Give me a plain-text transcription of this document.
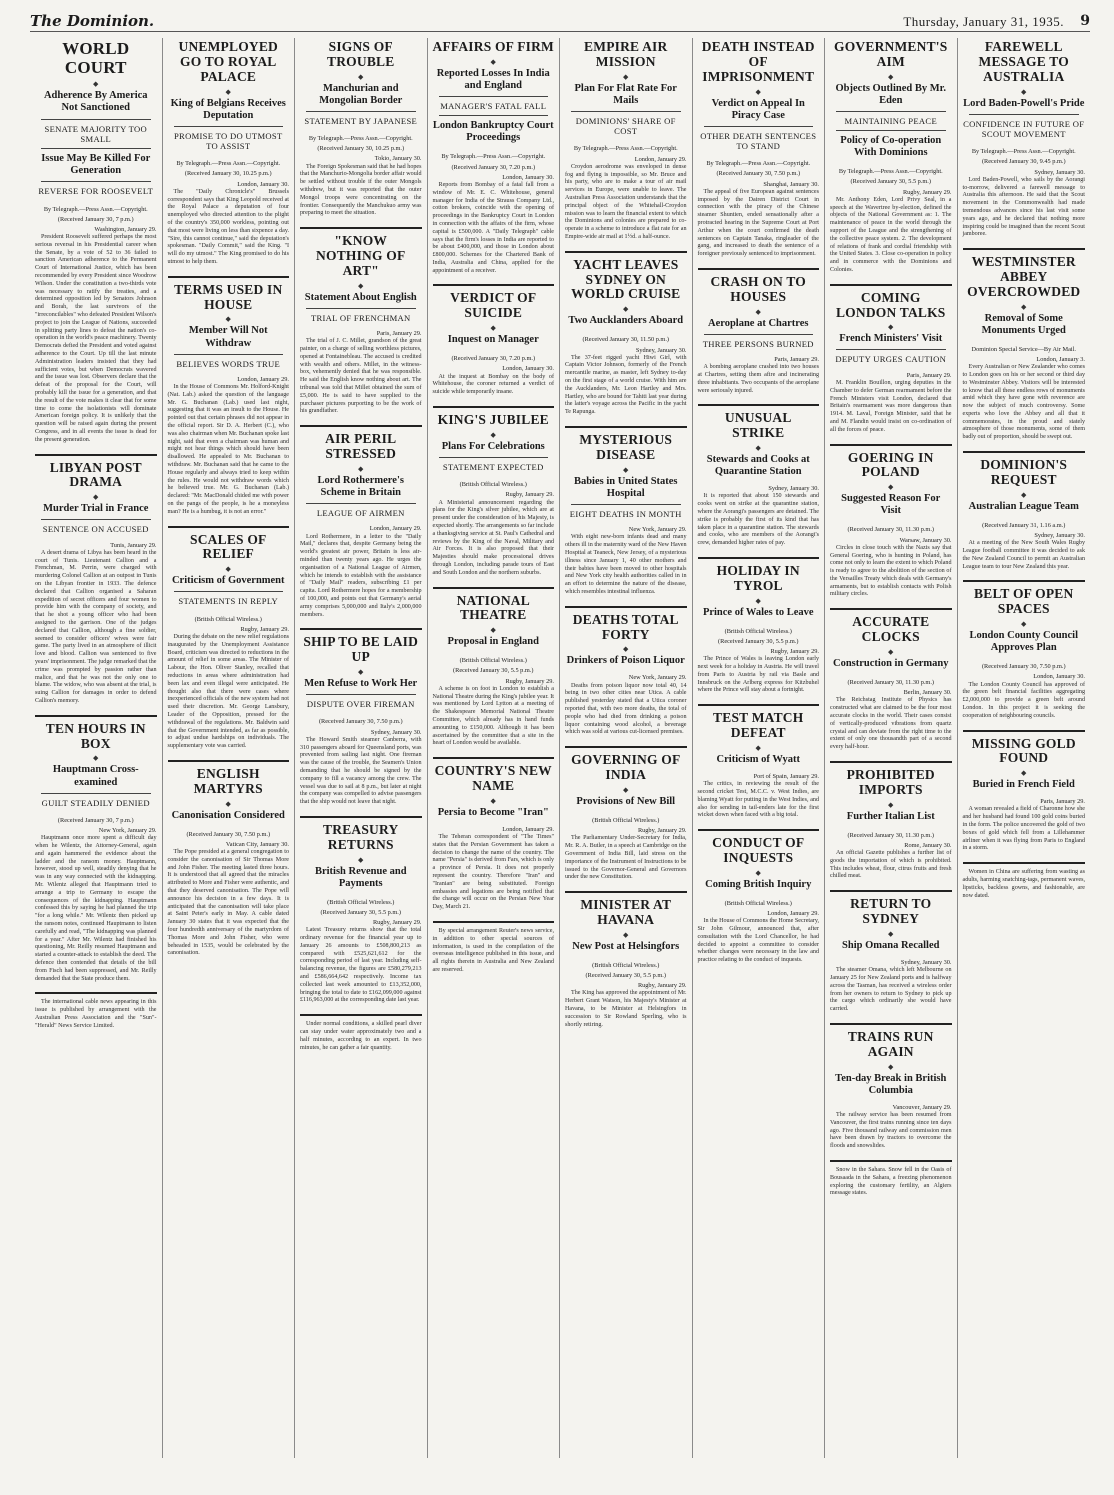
The Dominion.	Thursday, January 31, 1935. 9
WORLD COURT
◆
Adherence By America Not Sanctioned
SENATE MAJORITY TOO SMALL
Issue May Be Killed For Generation
REVERSE FOR ROOSEVELT
By Telegraph.—Press Assn.—Copyright.
(Received January 30, 7 p.m.)
Washington, January 29.

President Roosevelt suffered perhaps the most serious reversal in his Presidential career when the Senate, by a vote of 52 to 36 failed to sanction American adherence to the Permanent Court of International Justice, which has been recommended by every President since Woodrow Wilson. Under the constitution a two-thirds vote was necessary to ratify the treaties, and a determined opposition led by Senators Johnson and Borah, the last survivors of the "irreconcilables" who defeated President Wilson's project to join the League of Nations, succeeded in splitting party lines to defeat the nation's co-operation in the world's peace machinery. Twenty Democrats defied the President and voted against adherence to the Court. Up till the last minute Administration leaders insisted that they had sufficient votes, but when Democrats wavered and the issue was lost. Observers declare that the defeat of the proposal for the Court, will probably kill the issue for a generation, and that the result of the vote makes it clear that for some time to come the isolationists will dominate American foreign policy. It is unlikely that the question will be raised again during the present Congress, and in all events the issue is dead for the present generation.

LIBYAN POST DRAMA
◆
Murder Trial in France
SENTENCE ON ACCUSED
Tunis, January 29.

A desert drama of Libya has been heard in the court of Tunis. Lieutenant Callion and a Frenchman, M. Perrin, were charged with murdering Colonel Callion at an outpost in Tunis on the Libyan frontier in 1933. The defence declared that Callion organised a Saharan expedition of secret officers and four women to provide him with the company of society, and that he shot a young officer who had been assigned to the garrison. One of the judges declared that Callion, although a fine soldier, seemed to consider officers' wives were fair game. The party lived in an atmosphere of illicit love and blood. Callion was sentenced to five years' imprisonment. The judge remarked that the crime was prompted by passion rather than malice, and that he was not the only one to blame. The widow, who was absent at the trial, is suing Callion for damages in order to defend Callion's memory.

TEN HOURS IN BOX
◆
Hauptmann Cross-examined
GUILT STEADILY DENIED
(Received January 30, 7 p.m.)
New York, January 29.

Hauptmann once more spent a difficult day when he Wilentz, the Attorney-General, again and again hammered the evidence about the ladder and the ransom money. Hauptmann, however, stood up well, steadily denying that he was in any way connected with the kidnapping. Mr. Wilentz alleged that Hauptmann tried to arrange a trip to Germany to escape the consequences of the kidnapping. Hauptmann confessed this by saying he had planned the trip "for a long while." Mr. Wilentz then picked up the ransom notes, continued Hauptmann to listen carefully and read, "The kidnapping was planned for a year." After Mr. Wilentz had finished his questioning, Mr. Reilly resumed Hauptmann and started a counter-attack to establish the deed. The defence then contended that details of the bill from Fisch had been suppressed, and Mr. Reilly demanded that the State produce them.

The international cable news appearing in this issue is published by arrangement with the Australian Press Association and the "Sun"-"Herald" News Service Limited.

UNEMPLOYED GO TO ROYAL PALACE
◆
King of Belgians Receives Deputation
PROMISE TO DO UTMOST TO ASSIST
By Telegraph.—Press Assn.—Copyright.
(Received January 30, 10.25 p.m.)
London, January 30.

The "Daily Chronicle's" Brussels correspondent says that King Leopold received at the Royal Palace a deputation of four unemployed who directed attention to the plight of the country's 350,000 workless, pointing out that most were living on less than sixpence a day. "Sire, this cannot continue," said the deputation's spokesman. "Daily Commit," said the King. "I will do my utmost." The King promised to do his utmost to help them.

TERMS USED IN HOUSE
◆
Member Will Not Withdraw
BELIEVES WORDS TRUE
London, January 29.

In the House of Commons Mr. Holford-Knight (Nat. Lab.) asked the question of the language Mr. G. Buchanan (Lab.) used last night, suggesting that it was an insult to the House. He pointed out that certain phrases did not appear in the official report. Sir D. A. Herbert (C.), who was also chairman when Mr. Buchanan spoke last night, said that even a chairman was human and might not hear things which should have been disallowed. He appealed to Mr. Buchanan to withdraw. Mr. Buchanan said that he came to the House regularly and always tried to keep within the rules. He would not withdraw words which he believed true. Mr. G. Buchanan (Lab.) declared: "Mr. MacDonald chided me with power on the pangs of the people, is he a moneyless man? He is a humbug, it is not an error."

SCALES OF RELIEF
◆
Criticism of Government
STATEMENTS IN REPLY
(British Official Wireless.)
Rugby, January 29.

During the debate on the new relief regulations inaugurated by the Unemployment Assistance Board, criticism was directed to reductions in the amount of relief in some areas. The Minister of Labour, the Hon. Oliver Stanley, recalled that reductions in areas where administration had been lax and even illegal were anticipated. He thought also that there were cases where inexperienced officials of the new system had not used their discretion. Mr. George Lansbury, Leader of the Opposition, pressed for the withdrawal of the regulations. Mr. Baldwin said that the Government intended, as far as possible, to adjust undue hardships on individuals. The supplementary vote was carried.

ENGLISH MARTYRS
◆
Canonisation Considered
(Received January 30, 7.50 p.m.)
Vatican City, January 30.

The Pope presided at a general congregation to consider the canonisation of Sir Thomas More and John Fisher. The meeting lasted three hours. It is understood that all agreed that the miracles attributed to More and Fisher were authentic, and that they deserved canonisation. The Pope will announce his decision in a few days. It is anticipated that the canonisation will take place at Saint Peter's early in May. A cable dated January 30 states that it was expected that the four hundredth anniversary of the martyrdom of Thomas More and John Fisher, who were beheaded in 1535, would be celebrated by the canonisation.

SIGNS OF TROUBLE
◆
Manchurian and Mongolian Border
STATEMENT BY JAPANESE
By Telegraph.—Press Assn.—Copyright.
(Received January 30, 10.25 p.m.)
Tokio, January 30.

The Foreign Spokesman said that he had hopes that the Manchurio-Mongolia border affair would be settled without trouble if the outer Mongols withdrew, but it was reported that the outer Mongol troops were concentrating on the frontier. Consequently the Manchukuo army was preparing to meet the situation.

"KNOW NOTHING OF ART"
◆
Statement About English
TRIAL OF FRENCHMAN
Paris, January 29.

The trial of J. C. Millet, grandson of the great painter, on a charge of selling worthless pictures, opened at Fontainebleau. The accused is credited with wealth and others. Millet, in the witness-box, vehemently denied that he was responsible. He said the English know nothing about art. The tribunal was told that Millet obtained the sum of £5,000. He is said to have supplied to the purchaser pictures purporting to be the work of his grandfather.

AIR PERIL STRESSED
◆
Lord Rothermere's Scheme in Britain
LEAGUE OF AIRMEN
London, January 29.

Lord Rothermere, in a letter to the "Daily Mail," declares that, despite Germany being the world's greatest air power, Britain is less air-minded than twenty years ago. He urges the organisation of a National League of Airmen, which he intends to establish with the assistance of "Daily Mail" readers, subscribing £1 per capita. Lord Rothermere hopes for a membership of 100,000, and points out that Germany's aerial army comprises 5,000,000 and Italy's 2,000,000 members.

SHIP TO BE LAID UP
◆
Men Refuse to Work Her
DISPUTE OVER FIREMAN
(Received January 30, 7.50 p.m.)
Sydney, January 30.

The Howard Smith steamer Canberra, with 310 passengers aboard for Queensland ports, was prevented from sailing last night. One fireman was the cause of the trouble, the Seamen's Union demanding that he should be signed by the company to fill a vacancy among the crew. The vessel was due to sail at 8 p.m., but later at night the company was compelled to advise passengers that the ship would not leave that night.

TREASURY RETURNS
◆
British Revenue and Payments
(British Official Wireless.)
(Received January 30, 5.5 p.m.)
Rugby, January 29.

Latest Treasury returns show that the total ordinary revenue for the financial year up to January 26 amounts to £508,800,213 as compared with £525,621,612 for the corresponding period of last year. Including self-balancing revenue, the figures are £580,279,213 and £586,664,642 respectively. Income tax collected last week amounted to £13,352,000, bringing the total to date to £162,099,000 against £116,963,000 at the corresponding date last year.

Under normal conditions, a skilled pearl diver can stay under water approximately two and a half minutes, according to an expert. In two minutes, he can gather a fair quantity.

AFFAIRS OF FIRM
◆
Reported Losses In India and England
MANAGER'S FATAL FALL
London Bankruptcy Court Proceedings
By Telegraph.—Press Assn.—Copyright.
(Received January 30, 7.20 p.m.)
London, January 30.

Reports from Bombay of a fatal fall from a window of Mr. E. C. Whitehouse, general manager for India of the Strauss Company Ltd., cotton brokers, coincide with the opening of proceedings in the Bankruptcy Court in London in connection with the affairs of the firm, whose capital is £500,000. A "Daily Telegraph" cable says that the firm's losses in India are reported to be about £400,000, and those in London about £800,000. Schemes for the Chartered Bank of India, Australia and China, applied for the appointment of a receiver.

VERDICT OF SUICIDE
◆
Inquest on Manager
(Received January 30, 7.20 p.m.)
London, January 30.

At the inquest at Bombay on the body of Whitehouse, the coroner returned a verdict of suicide while temporarily insane.

KING'S JUBILEE
◆
Plans For Celebrations
STATEMENT EXPECTED
(British Official Wireless.)
Rugby, January 29.

A Ministerial announcement regarding the plans for the King's silver jubilee, which are at present under the consideration of his Majesty, is expected shortly. The arrangements so far include a thanksgiving service at St. Paul's Cathedral and reviews by the King of the Naval, Military and Air Forces. It is also proposed that their Majesties should make processional drives through London, including parade tours of East and South London and the northern suburbs.

NATIONAL THEATRE
◆
Proposal in England
(British Official Wireless.)
(Received January 30, 5.5 p.m.)
Rugby, January 29.

A scheme is on foot in London to establish a National Theatre during the King's jubilee year. It was mentioned by Lord Lytton at a meeting of the Shakespeare Memorial National Theatre Committee, which already has in hand funds amounting to £150,000. Although it has been ascertained by the committee that a site in the heart of London would be available.

COUNTRY'S NEW NAME
◆
Persia to Become "Iran"
London, January 29.

The Teheran correspondent of "The Times" states that the Persian Government has taken a decision to change the name of the country. The name "Persia" is derived from Fars, which is only a province of Persia. It does not properly represent the country. Therefore "Iran" and "Iranian" are being substituted. Foreign embassies and legations are being notified that the change will occur on the Persian New Year Day, March 21.

By special arrangement Reuter's news service, in addition to other special sources of information, is used in the compilation of the overseas intelligence published in this issue, and all rights therein in Australia and New Zealand are reserved.

EMPIRE AIR MISSION
◆
Plan For Flat Rate For Mails
DOMINIONS' SHARE OF COST
By Telegraph.—Press Assn.—Copyright.
London, January 29.

Croydon aerodrome was enveloped in dense fog and flying is impossible, so Mr. Bruce and his party, who are to make a tour of air mail services in Europe, were unable to leave. The Australian Press Association understands that the principal object of the Whitehall-Croydon mission was to learn the financial extent to which the Dominions and colonies are prepared to co-operate in a scheme to introduce a flat rate for an Empire-wide air mail at 1½d. a half-ounce.

YACHT LEAVES SYDNEY ON WORLD CRUISE
◆
Two Aucklanders Aboard
(Received January 30, 11.50 p.m.)
Sydney, January 30.

The 37-feet rigged yacht Hiwi Girl, with Captain Victor Johnson, formerly of the French mercantile marine, as master, left Sydney to-day on the first stage of a world cruise. With him are the Aucklanders, Mr. Leon Hartley and Mrs. Hartley, who are bound for Tahiti last year during the latter's voyage across the Pacific in the yacht Te Rapunga.

MYSTERIOUS DISEASE
◆
Babies in United States Hospital
EIGHT DEATHS IN MONTH
New York, January 29.

With eight new-born infants dead and many others ill in the maternity ward of the New Haven Hospital at Teaneck, New Jersey, of a mysterious illness since January 1, 40 other mothers and their babies have been moved to other hospitals and New York city health authorities called in in an effort to determine the nature of the disease, which resembles intestinal influenza.

DEATHS TOTAL FORTY
◆
Drinkers of Poison Liquor
New York, January 29.

Deaths from poison liquor now total 40, 14 being in two other cities near Utica. A cable published yesterday stated that a Utica coroner reported that, with two more deaths, the total of people who had died from drinking a poison liquor containing wood alcohol, a beverage which was sold at various cut-licensed premises.

GOVERNING OF INDIA
◆
Provisions of New Bill
(British Official Wireless.)
Rugby, January 29.

The Parliamentary Under-Secretary for India, Mr. R. A. Butler, in a speech at Cambridge on the Government of India Bill, laid stress on the importance of the Instrument of Instructions to be issued to the Governor-General and Governors under the new Constitution.

MINISTER AT HAVANA
◆
New Post at Helsingfors
(British Official Wireless.)
(Received January 30, 5.5 p.m.)
Rugby, January 29.

The King has approved the appointment of Mr. Herbert Grant Watson, his Majesty's Minister at Havana, to be Minister at Helsingfors in succession to Sir Rowland Sperling, who is shortly retiring.

DEATH INSTEAD OF IMPRISONMENT
◆
Verdict on Appeal In Piracy Case
OTHER DEATH SENTENCES TO STAND
By Telegraph.—Press Assn.—Copyright.
(Received January 30, 7.50 p.m.)
Shanghai, January 30.

The appeal of five European against sentences imposed by the Dairen District Court in connection with the piracy of the Chinese steamer Shuntien, ended sensationally after a protracted hearing in the Supreme Court at Port Arthur when the court confirmed the death sentences on Captain Tanaka, ringleader of the gang, and increased to death the sentence of a foreigner previously sentenced to imprisonment.

CRASH ON TO HOUSES
◆
Aeroplane at Chartres
THREE PERSONS BURNED
Paris, January 29.

A bombing aeroplane crashed into two houses at Chartres, setting them afire and incinerating three inhabitants. Two occupants of the aeroplane were seriously injured.

UNUSUAL STRIKE
◆
Stewards and Cooks at Quarantine Station
Sydney, January 30.

It is reported that about 150 stewards and cooks went on strike at the quarantine station, where the Aorangi's passengers are detained. The strike is probably the first of its kind that has taken place in a quarantine station. The stewards and cooks, who are members of the Aorangi's crew, demanded higher rates of pay.

HOLIDAY IN TYROL
◆
Prince of Wales to Leave
(British Official Wireless.)
(Received January 30, 5.5 p.m.)
Rugby, January 29.

The Prince of Wales is leaving London early next week for a holiday in Austria. He will travel from Paris to Austria by rail via Basle and Innsbruck on the Arlberg express for Kitzbuhel where the Prince will stay about a fortnight.

TEST MATCH DEFEAT
◆
Criticism of Wyatt
Port of Spain, January 29.

The critics, in reviewing the result of the second cricket Test, M.C.C. v. West Indies, are blaming Wyatt for putting in the West Indies, and also for sending in tail-enders late for the first wicket down when faced with a big total.

CONDUCT OF INQUESTS
◆
Coming British Inquiry
(British Official Wireless.)
London, January 29.

In the House of Commons the Home Secretary, Sir John Gilmour, announced that, after consultation with the Lord Chancellor, he had decided to appoint a committee to consider whether changes were necessary in the law and practice relating to the conduct of inquests.

GOVERNMENT'S AIM
◆
Objects Outlined By Mr. Eden
MAINTAINING PEACE
Policy of Co-operation With Dominions
By Telegraph.—Press Assn.—Copyright.
(Received January 30, 5.5 p.m.)
Rugby, January 29.

Mr. Anthony Eden, Lord Privy Seal, in a speech at the Wavertree by-election, defined the objects of the National Government as: 1. The maintenance of peace in the world through the support of the League and the strengthening of the collective peace system. 2. The development of relations of frank and cordial friendship with the United States. 3. Close co-operation in policy and in commerce with the Dominions and Colonies.

COMING LONDON TALKS
◆
French Ministers' Visit
DEPUTY URGES CAUTION
Paris, January 29.

M. Franklin Bouillon, urging deputies in the Chamber to defer German rearmament before the French Ministers visit London, declared that Britain's rearmament was more dangerous than 1914. M. Laval, Foreign Minister, said that he and M. Flandin would insist on co-ordination of all the forces of peace.

GOERING IN POLAND
◆
Suggested Reason For Visit
(Received January 30, 11.30 p.m.)
Warsaw, January 30.

Circles in close touch with the Nazis say that General Goering, who is hunting in Poland, has come not only to learn the extent to which Poland is ready to agree to the abolition of the section of the Versailles Treaty which deals with Germany's armaments, but to establish contacts with Polish military circles.

ACCURATE CLOCKS
◆
Construction in Germany
(Received January 30, 11.30 p.m.)
Berlin, January 30.

The Reichstag Institute of Physics has constructed what are claimed to be the four most accurate clocks in the world. Their cases consist of vertically-produced vibrations from quartz crystal and can deviate from the right time to the extent of only one thousandth part of a second every half-hour.

PROHIBITED IMPORTS
◆
Further Italian List
(Received January 30, 11.30 p.m.)
Rome, January 30.

An official Gazette publishes a further list of goods the importation of which is prohibited. This includes wheat, flour, citrus fruits and fresh chilled meat.

RETURN TO SYDNEY
◆
Ship Omana Recalled
Sydney, January 30.

The steamer Omana, which left Melbourne on January 25 for New Zealand ports and is halfway across the Tasman, has received a wireless order from her owners to return to Sydney to pick up the cargo which ordinarily she would have carried.

TRAINS RUN AGAIN
◆
Ten-day Break in British Columbia
Vancouver, January 29.

The railway service has been resumed from Vancouver, the first trains running since ten days ago. Five thousand railway and commission men have been drawn by tractors to overcome the floods and snowslides.

Snow in the Sahara. Snow fell in the Oasis of Bousaada in the Sahara, a freezing phenomenon exploring the customary fertility, an Algiers message states.

FAREWELL MESSAGE TO AUSTRALIA
◆
Lord Baden-Powell's Pride
CONFIDENCE IN FUTURE OF SCOUT MOVEMENT
By Telegraph.—Press Assn.—Copyright.
(Received January 30, 9.45 p.m.)
Sydney, January 30.

Lord Baden-Powell, who sails by the Aorangi to-morrow, delivered a farewell message to Australia this afternoon. He said that the Scout movement in the Commonwealth had made tremendous advances since his last visit some years ago, and he declared that nothing more inspiring could be imagined than the recent Scout jamboree.

WESTMINSTER ABBEY OVERCROWDED
◆
Removal of Some Monuments Urged
Dominion Special Service—By Air Mail.
London, January 3.

Every Australian or New Zealander who comes to London goes on his or her second or third day to Westminster Abbey. Visitors will be interested to know that all these endless rows of monuments amid which they have gone with reverence are now the subject of much controversy. Some experts who love the Abbey and all that it commemorates, in the proud and stately atmosphere of those monuments, some of them badly out of proportion, should be swept out.

DOMINION'S REQUEST
◆
Australian League Team
(Received January 31, 1.16 a.m.)
Sydney, January 30.

At a meeting of the New South Wales Rugby League football committee it was decided to ask the New Zealand Council to permit an Australian League team to tour New Zealand this year.

BELT OF OPEN SPACES
◆
London County Council Approves Plan
(Received January 30, 7.50 p.m.)
London, January 30.

The London County Council has approved of the green belt financial facilities aggregating £2,000,000 to provide a green belt around London. In this project it is seeking the cooperation of neighbouring councils.

MISSING GOLD FOUND
◆
Buried in French Field
Paris, January 29.

A woman revealed a field of Charonne how she and her husband had found 100 gold coins buried in the form. The police uncovered the gold of two boxes of gold which fell from a Lillehammer airliner when it was flying from Paris to England in a storm.

Women in China are suffering from wasting as adults, harming snatching-tags, permanent waves, lipsticks, backless gowns, and fashionable, are now dated.
